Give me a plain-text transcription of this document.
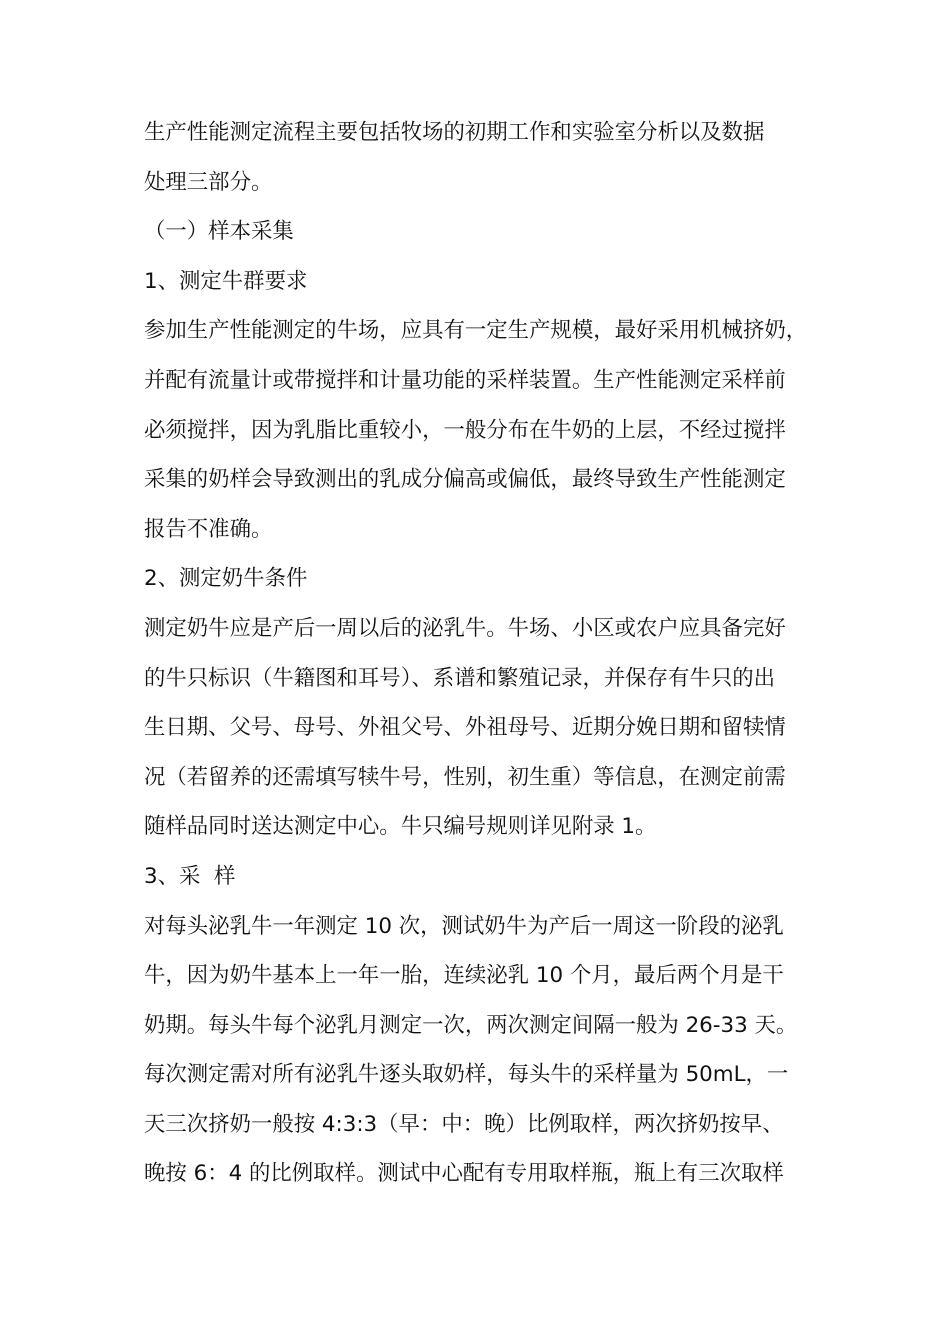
生产性能测定流程主要包括牧场的初期工作和实验室分析以及数据
处理三部分。
（一）样本采集
1、测定牛群要求
参加生产性能测定的牛场，应具有一定生产规模，最好采用机械挤奶，
并配有流量计或带搅拌和计量功能的采样装置。生产性能测定采样前
必须搅拌，因为乳脂比重较小，一般分布在牛奶的上层，不经过搅拌
采集的奶样会导致测出的乳成分偏高或偏低，最终导致生产性能测定
报告不准确。
2、测定奶牛条件
测定奶牛应是产后一周以后的泌乳牛。牛场、小区或农户应具备完好
的牛只标识（牛籍图和耳号）、系谱和繁殖记录，并保存有牛只的出
生日期、父号、母号、外祖父号、外祖母号、近期分娩日期和留犊情
况（若留养的还需填写犊牛号，性别，初生重）等信息，在测定前需
随样品同时送达测定中心。牛只编号规则详见附录 1。
3、采  样
对每头泌乳牛一年测定 10 次，测试奶牛为产后一周这一阶段的泌乳
牛，因为奶牛基本上一年一胎，连续泌乳 10 个月，最后两个月是干
奶期。每头牛每个泌乳月测定一次，两次测定间隔一般为 26-33 天。
每次测定需对所有泌乳牛逐头取奶样，每头牛的采样量为 50mL，一
天三次挤奶一般按 4:3:3（早：中：晚）比例取样，两次挤奶按早、
晚按 6：4 的比例取样。测试中心配有专用取样瓶，瓶上有三次取样
